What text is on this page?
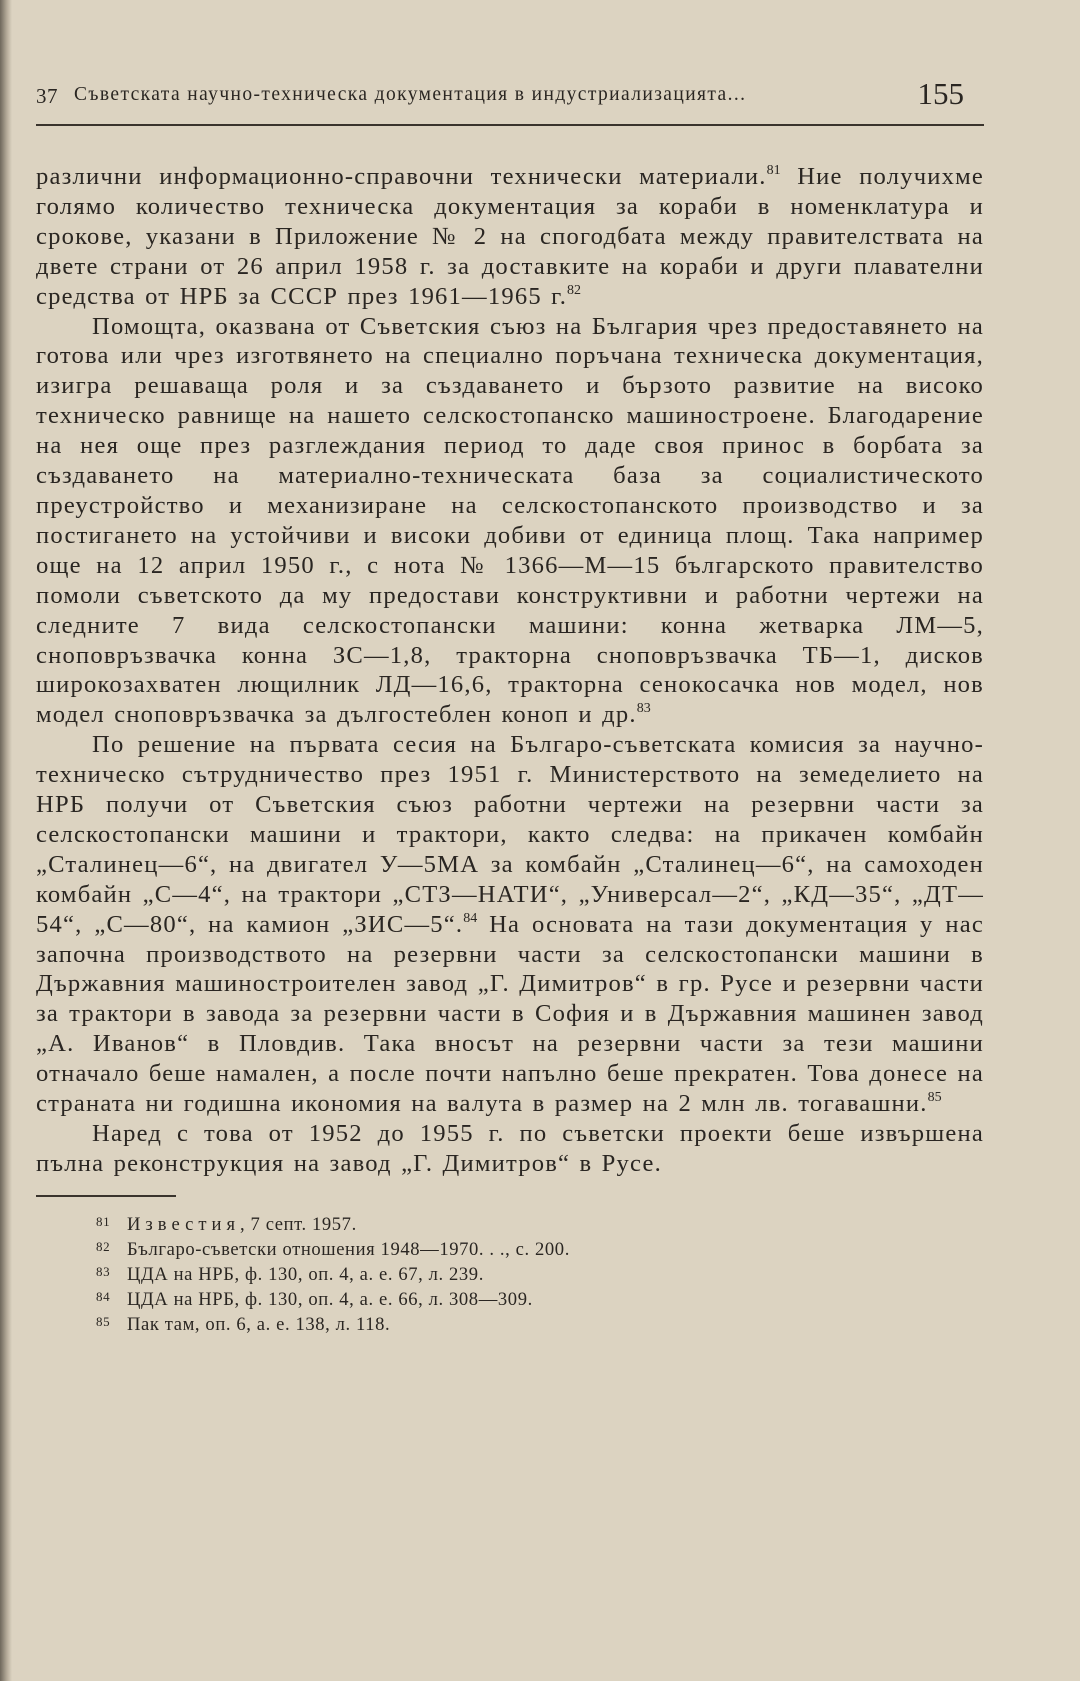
37 Съветската научно-техническа документация в индустриализацията...	155

различни информационно-справочни технически материали.$^{81}$ Ние получихме голямо количество техническа документация за кораби в номенклатура и срокове, указани в Приложение № 2 на спогодбата между правителствата на двете страни от 26 април 1958 г. за доставките на кораби и други плавателни средства от НРБ за СССР през 1961—1965 г.$^{82}$

Помощта, оказвана от Съветския съюз на България чрез предоставянето на готова или чрез изготвянето на специално поръчана техническа документация, изигра решаваща роля и за създаването и бързото развитие на високо техническо равнище на нашето селскостопанско машиностроене. Благодарение на нея още през разглеждания период то даде своя принос в борбата за създаването на материално-техническата база за социалистическото преустройство и механизиране на селскостопанското производство и за постигането на устойчиви и високи добиви от единица площ. Така например още на 12 април 1950 г., с нота № 1366—М—15 българското правителство помоли съветското да му предостави конструктивни и работни чертежи на следните 7 вида селскостопански машини: конна жетварка ЛМ—5, сноповръзвачка конна ЗС—1,8, тракторна сноповръзвачка ТБ—1, дисков широкозахватен лющилник ЛД—16,6, тракторна сенокосачка нов модел, нов модел сноповръзвачка за дългостеблен коноп и др.$^{83}$

По решение на първата сесия на Българо-съветската комисия за научно-техническо сътрудничество през 1951 г. Министерството на земеделието на НРБ получи от Съветския съюз работни чертежи на резервни части за селскостопански машини и трактори, както следва: на прикачен комбайн „Сталинец—6“, на двигател У—5МА за комбайн „Сталинец—6“, на самоходен комбайн „С—4“, на трактори „СТЗ—НАТИ“, „Универсал—2“, „КД—35“, „ДТ—54“, „С—80“, на камион „ЗИС—5“.$^{84}$ На основата на тази документация у нас започна производството на резервни части за селскостопански машини в Държавния машиностроителен завод „Г. Димитров“ в гр. Русе и резервни части за трактори в завода за резервни части в София и в Държавния машинен завод „А. Иванов“ в Пловдив. Така вносът на резервни части за тези машини отначало беше намален, а после почти напълно беше прекратен. Това донесе на страната ни годишна икономия на валута в размер на 2 млн лв. тогавашни.$^{85}$

Наред с това от 1952 до 1955 г. по съветски проекти беше извършена пълна реконструкция на завод „Г. Димитров“ в Русе.

81 Известия, 7 септ. 1957.
82 Българо-съветски отношения 1948—1970. . ., с. 200.
83 ЦДА на НРБ, ф. 130, оп. 4, а. е. 67, л. 239.
84 ЦДА на НРБ, ф. 130, оп. 4, а. е. 66, л. 308—309.
85 Пак там, оп. 6, а. е. 138, л. 118.
